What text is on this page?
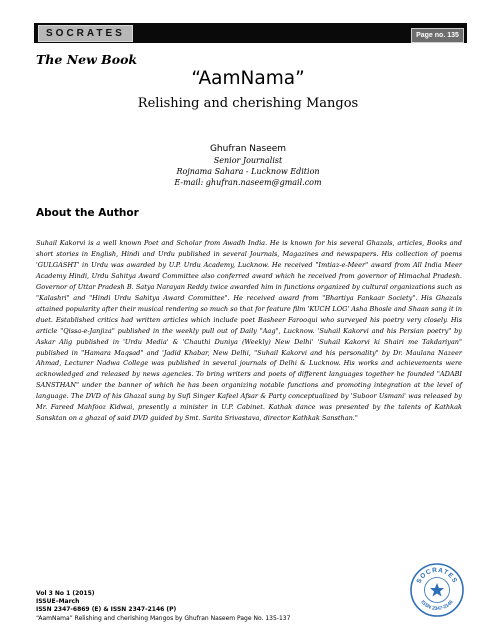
SOCRATES	Page no. 135
The New Book
“AamNama”
Relishing and cherishing Mangos
Ghufran Naseem
Senior Journalist
Rojnama Sahara - Lucknow Edition
E-mail: ghufran.naseem@gmail.com
About the Author

Suhail Kakorvi is a well known Poet and Scholar from Awadh India. He is known for his several Ghazals, articles, Books and short stories in English, Hindi and Urdu published in several Journals, Magazines and newspapers. His collection of poems 'GULGASHT' in Urdu was awarded by U.P. Urdu Academy, Lucknow. He received "Imtiaz-e-Meer" award from All India Meer Academy Hindi, Urdu Sahitya Award Committee also conferred award which he received from governor of Himachal Pradesh. Governor of Uttar Pradesh B. Satya Narayan Reddy twice awarded him in functions organized by cultural organizations such as "Kalashri" and "Hindi Urdu Sahitya Award Committee". He received award from "Bhartiya Fankaar Society". His Ghazals attained popularity after their musical rendering so much so that for feature film 'KUCH LOG' Asha Bhosle and Shaan sang it in duet. Established critics had written articles which include poet Basheer Farooqui who surveyed his poetry very closely. His article "Qissa-e-Janjiza" published in the weekly pull out of Daily "Aag", Lucknow. 'Suhail Kakorvi and his Persian poetry" by Askar Alig published in 'Urdu Media' & 'Chauthi Duniya (Weekly) New Delhi' 'Suhail Kakorvi ki Shairi me Takdariyan" published in "Hamara Maqsad" and 'Jadid Khabar, New Delhi, "Suhail Kakorvi and his personality" by Dr. Maulana Nazeer Ahmad, Lecturer Nadwa College was published in several journals of Delhi & Lucknow. His works and achievements were acknowledged and released by news agencies. To bring writers and poets of different languages together he founded "ADABI SANSTHAN" under the banner of which he has been organizing notable functions and promoting integration at the level of language. The DVD of his Ghazal sung by Sufi Singer Kafeel Afsar & Party conceptualized by 'Suboor Usmani' was released by Mr. Fareed Mahfooz Kidwai, presently a minister in U.P. Cabinet. Kathak dance was presented by the talents of Kathkak Sansktan on a ghazal of said DVD guided by Smt. Sarita Srivastava, director Kathkak Sansthan."

Vol 3 No 1 (2015)
ISSUE–March
ISSN 2347-6869 (E) & ISSN 2347-2146 (P)
“AamNama” Relishing and cherishing Mangos by Ghufran Naseem Page No. 135-137
SOCRATES
ISSN 2347-2146
